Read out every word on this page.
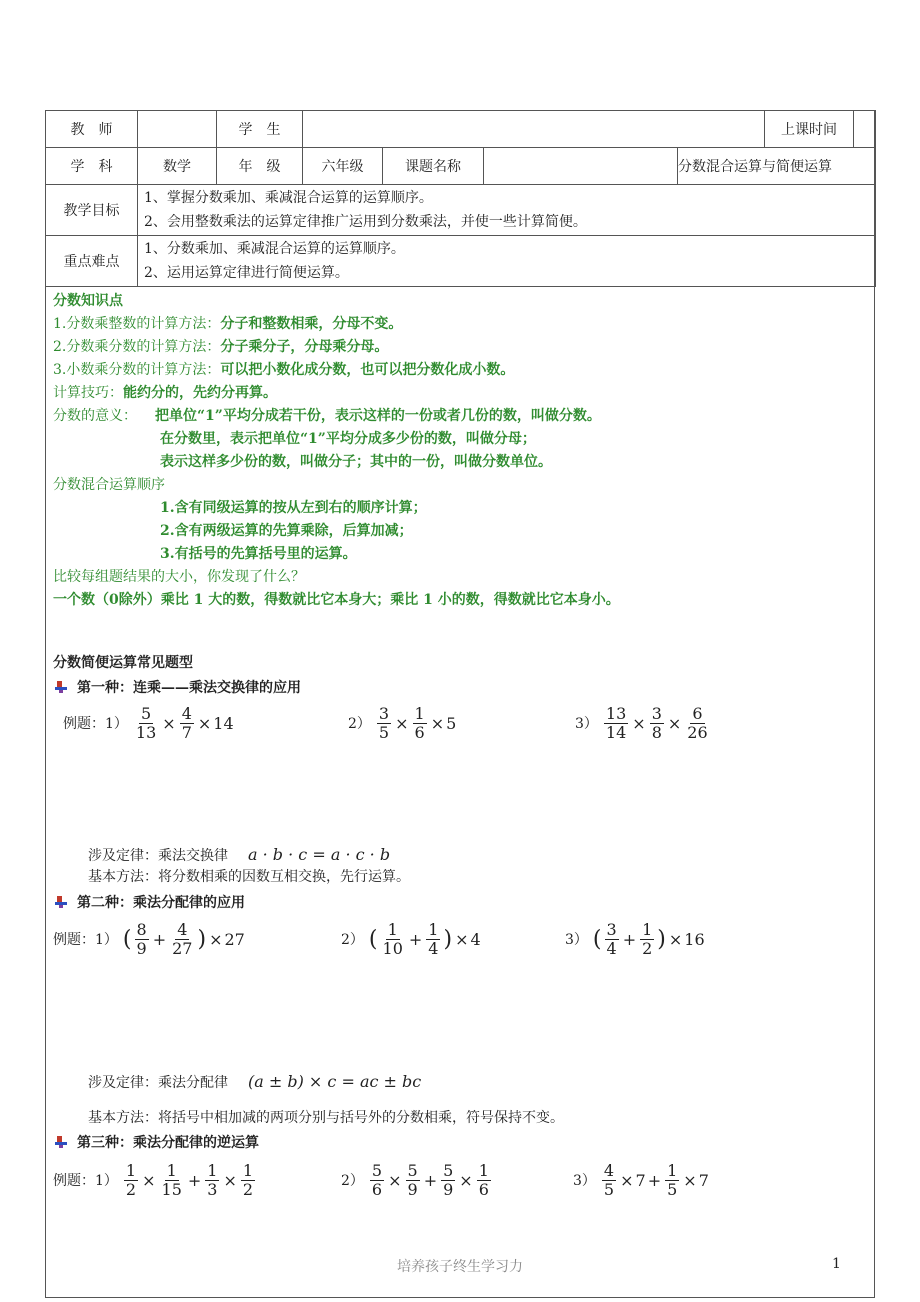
教　师		学　生				上课时间

学　科	数学	年　级	六年级	课题名称	分数混合运算与简便运算	
教学目标	1、掌握分数乘加、乘减混合运算的运算顺序。
2、会用整数乘法的运算定律推广运用到分数乘法，并使一些计算简便。					

重点难点	1、分数乘加、乘减混合运算的运算顺序。
2、运用运算定律进行简便运算。					
分数知识点
1.分数乘整数的计算方法：分子和整数相乘，分母不变。
2.分数乘分数的计算方法：分子乘分子，分母乘分母。
3.小数乘分数的计算方法：可以把小数化成分数，也可以把分数化成小数。
计算技巧：能约分的，先约分再算。
分数的意义： 把单位“1”平均分成若干份，表示这样的一份或者几份的数，叫做分数。
在分数里，表示把单位“1”平均分成多少份的数，叫做分母；
表示这样多少份的数，叫做分子；其中的一份，叫做分数单位。
分数混合运算顺序
1.含有同级运算的按从左到右的顺序计算；
2.含有两级运算的先算乘除，后算加减；
3.有括号的先算括号里的运算。
比较每组题结果的大小，你发现了什么？
一个数（0除外）乘比 1 大的数，得数就比它本身大；乘比 1 小的数，得数就比它本身小。
分数简便运算常见题型
第一种：连乘——乘法交换律的应用
例题：$1) \frac{5}{13} \times \frac{4}{7} \times 14$	$2) \frac{3}{5} \times \frac{1}{6} \times 5$	$3) \frac{13}{14} \times \frac{3}{8} \times \frac{6}{26}$
涉及定律：乘法交换律 a · b · c = a · c · b
基本方法：将分数相乘的因数互相交换，先行运算。
第二种：乘法分配律的应用
例题：1） ( $\frac{8}{9} + \frac{4}{27}$ ) × 27	2） ( $\frac{1}{10} + \frac{1}{4}$ ) × 4	3） ( $\frac{3}{4} + \frac{1}{2}$ ) × 16
涉及定律：乘法分配律 (a ± b) × c = ac ± bc
基本方法：将括号中相加减的两项分别与括号外的分数相乘，符号保持不变。
第三种：乘法分配律的逆运算
例题：$1) \frac{1}{2} \times \frac{1}{15} + \frac{1}{3} \times \frac{1}{2}$	$2) \frac{5}{6} \times \frac{5}{9} + \frac{5}{9} \times \frac{1}{6}$	$3) \frac{4}{5} \times 7 + \frac{1}{5} \times 7$
培养孩子终生学习力	1
